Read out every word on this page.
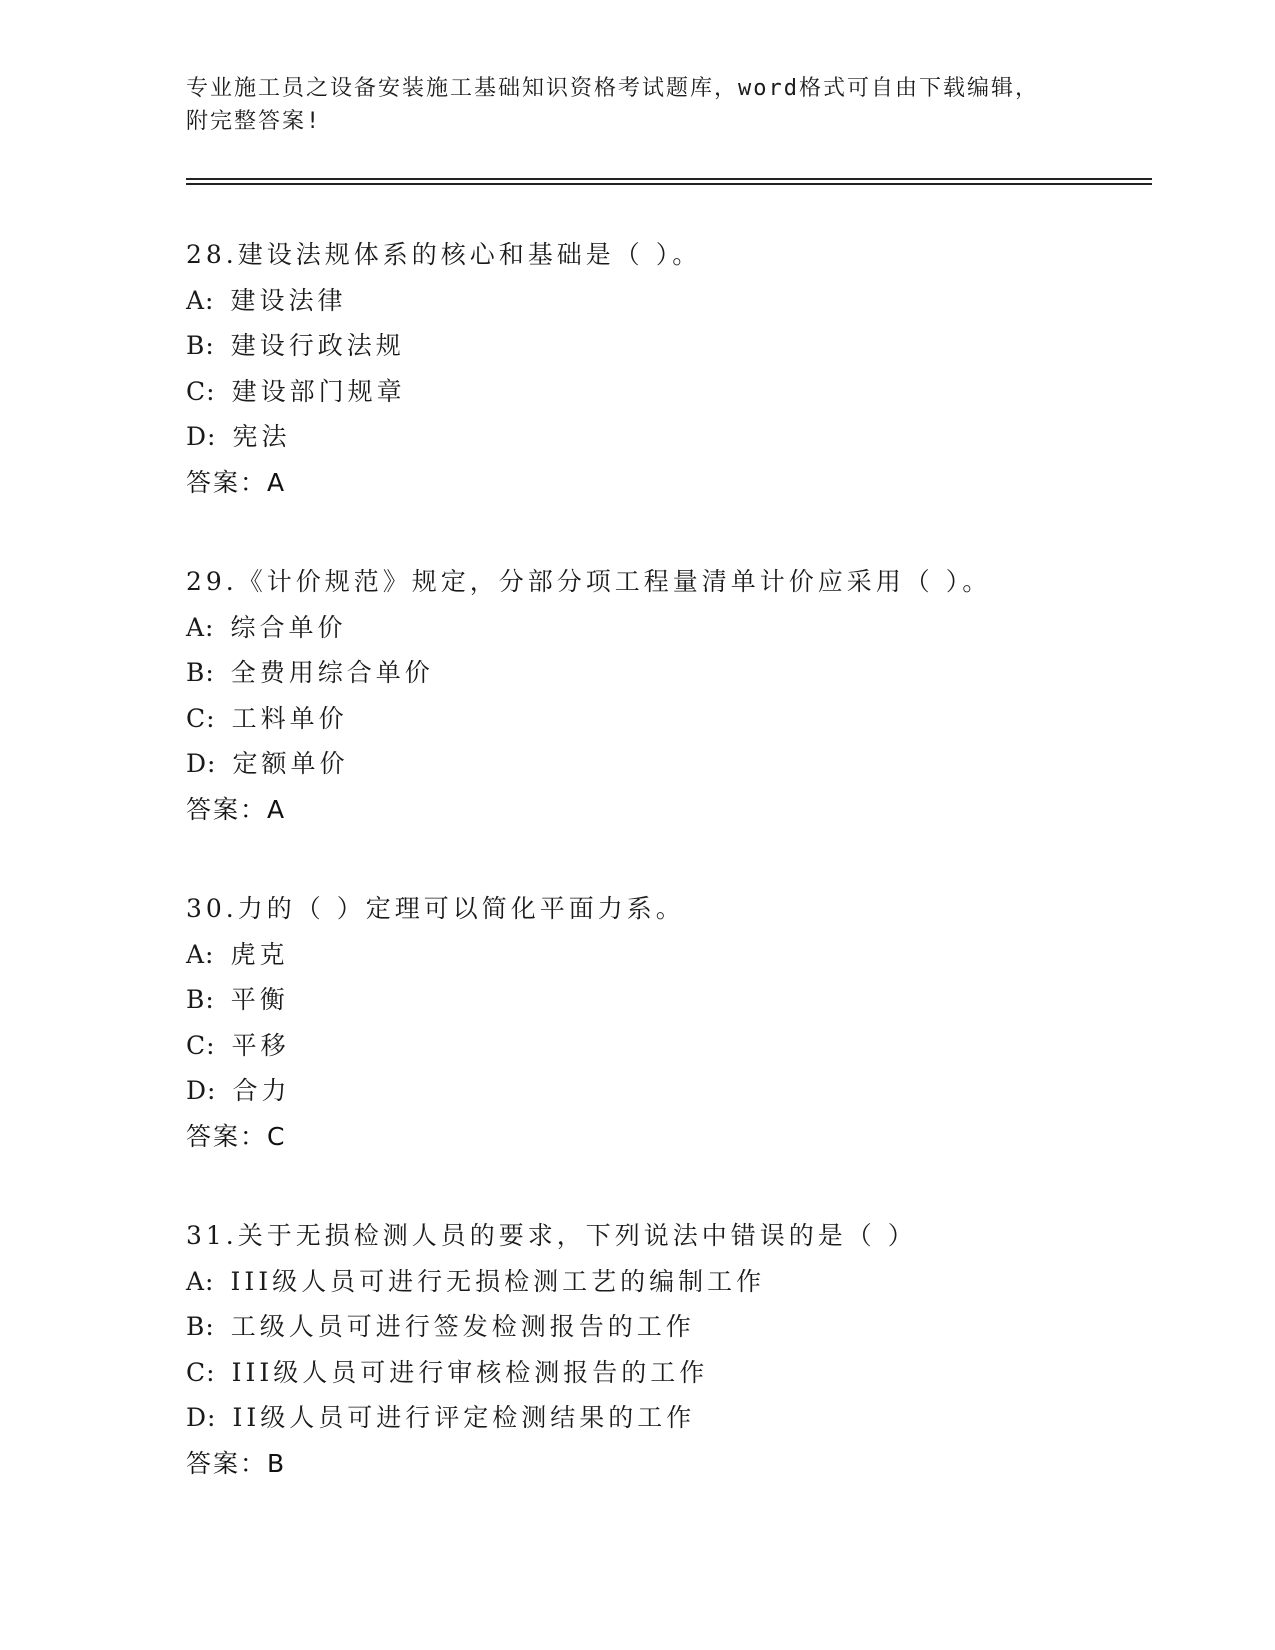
专业施工员之设备安装施工基础知识资格考试题库，word格式可自由下载编辑，
附完整答案!
28.建设法规体系的核心和基础是（ ）。
A: 建设法律
B: 建设行政法规
C: 建设部门规章
D: 宪法
答案：A
29.《计价规范》规定，分部分项工程量清单计价应采用（ ）。
A: 综合单价
B: 全费用综合单价
C: 工料单价
D: 定额单价
答案：A
30.力的（ ）定理可以简化平面力系。
A: 虎克
B: 平衡
C: 平移
D: 合力
答案：C
31.关于无损检测人员的要求，下列说法中错误的是（ ）
A: III级人员可进行无损检测工艺的编制工作
B: 工级人员可进行签发检测报告的工作
C: III级人员可进行审核检测报告的工作
D: II级人员可进行评定检测结果的工作
答案：B
